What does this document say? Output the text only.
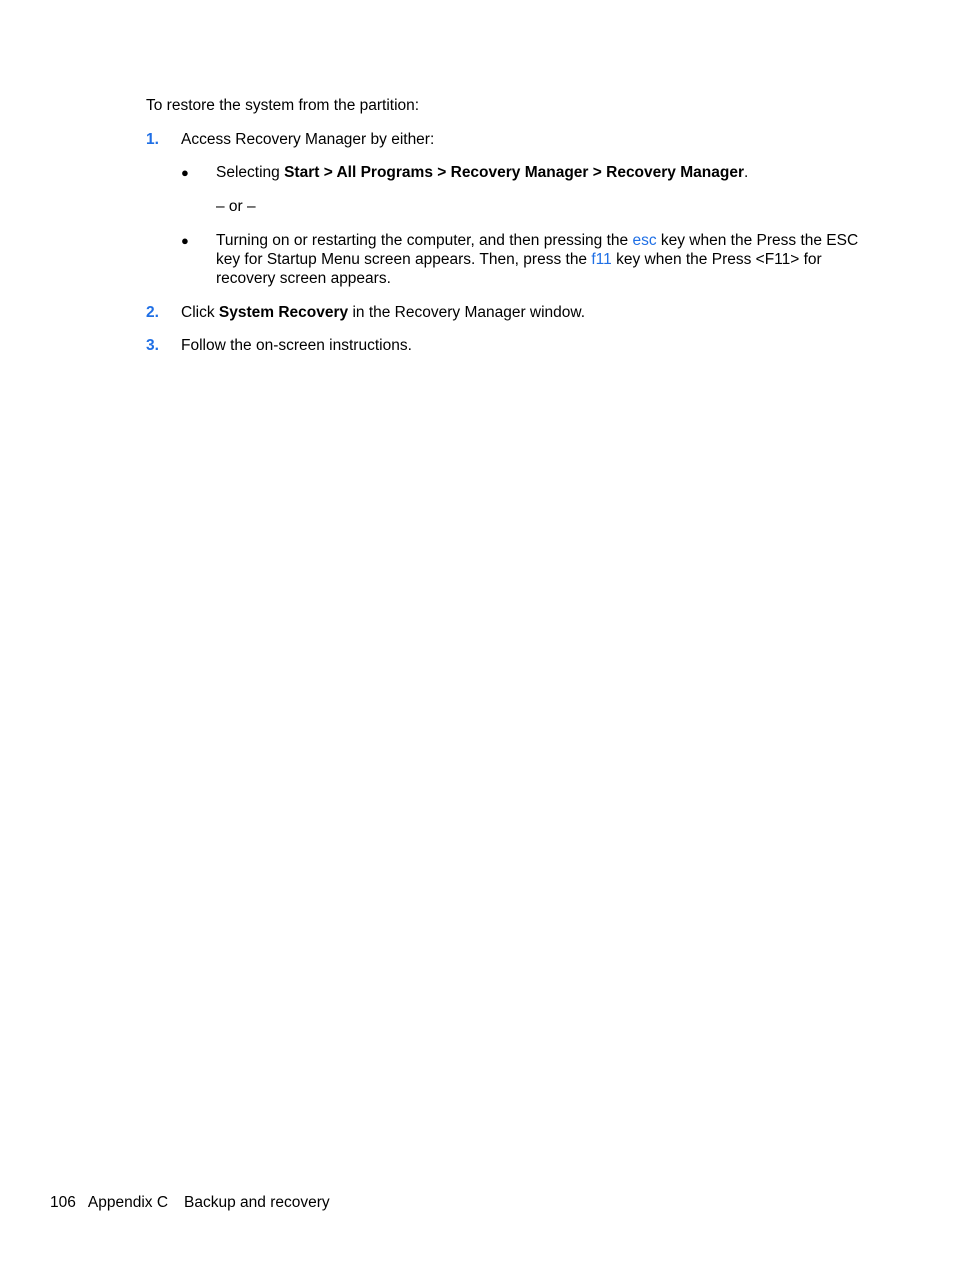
To restore the system from the partition:
1. Access Recovery Manager by either:
● Selecting Start > All Programs > Recovery Manager > Recovery Manager.
– or –
● Turning on or restarting the computer, and then pressing the esc key when the Press the ESC key for Startup Menu screen appears. Then, press the f11 key when the Press <F11> for recovery screen appears.
2. Click System Recovery in the Recovery Manager window.
3. Follow the on-screen instructions.
106 Appendix C Backup and recovery
